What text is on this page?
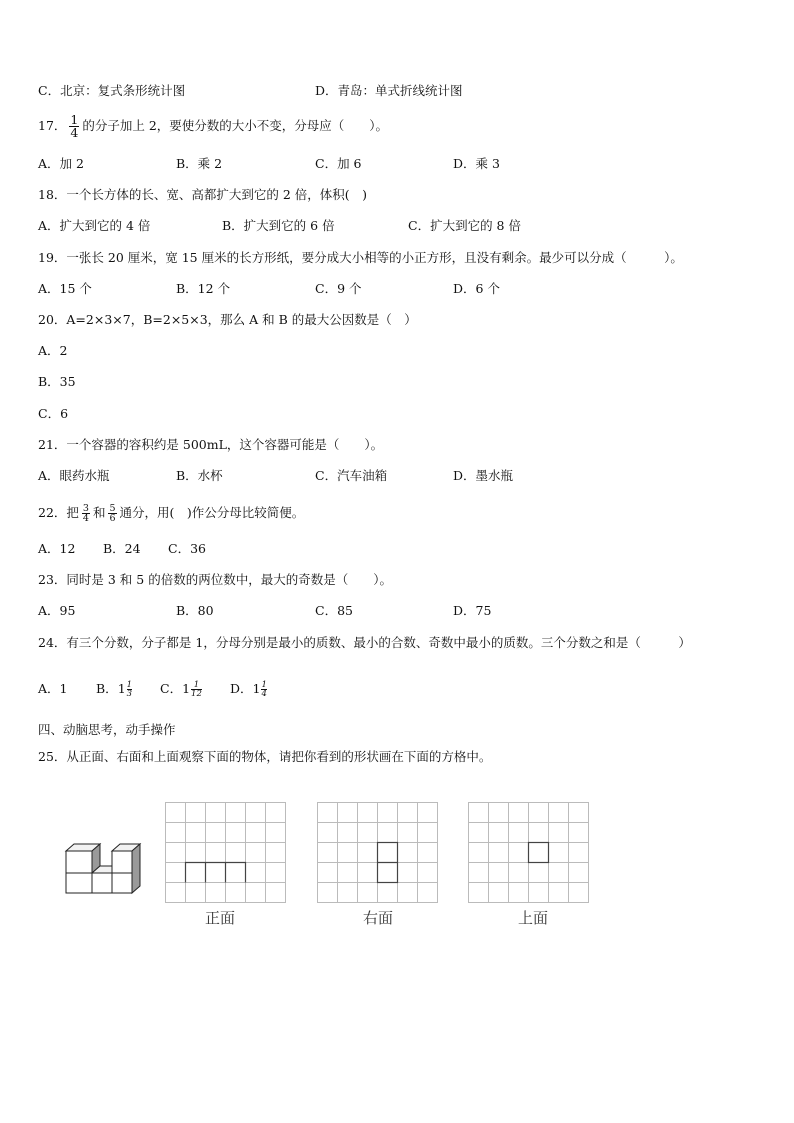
C．北京：复式条形统计图	D．青岛：单式折线统计图
17． $\frac{1}{4}$ 的分子加上 2，要使分数的大小不变，分母应（　　）。
A．加 2	B．乘 2	C．加 6	D．乘 3
18．一个长方体的长、宽、高都扩大到它的 2 倍，体积(　)
A．扩大到它的 4 倍	B．扩大到它的 6 倍	C．扩大到它的 8 倍
19．一张长 20 厘米，宽 15 厘米的长方形纸，要分成大小相等的小正方形，且没有剩余。最少可以分成（　　　）。
A．15 个	B．12 个	C．9 个	D．6 个
20．A=2×3×7，B=2×5×3，那么 A 和 B 的最大公因数是（　）
A．2
B．35
C．6
21．一个容器的容积约是 500mL，这个容器可能是（　　）。
A．眼药水瓶	B．水杯	C．汽车油箱	D．墨水瓶
22．把 $\frac{3}{4}$ 和 $\frac{5}{6}$ 通分，用(　)作公分母比较简便。
A．12 B．24 C．36
23．同时是 3 和 5 的倍数的两位数中，最大的奇数是（　　）。
A．95	B．80	C．85	D．75
24．有三个分数，分子都是 1，分母分别是最小的质数、最小的合数、奇数中最小的质数。三个分数之和是（　　　）
A．1 B．$1 \frac{1}{3}$ C．$1 \frac{1}{12}$ D．$1 \frac{1}{4}$
四、动脑思考，动手操作
25．从正面、右面和上面观察下面的物体，请把你看到的形状画在下面的方格中。
正面	右面	上面
